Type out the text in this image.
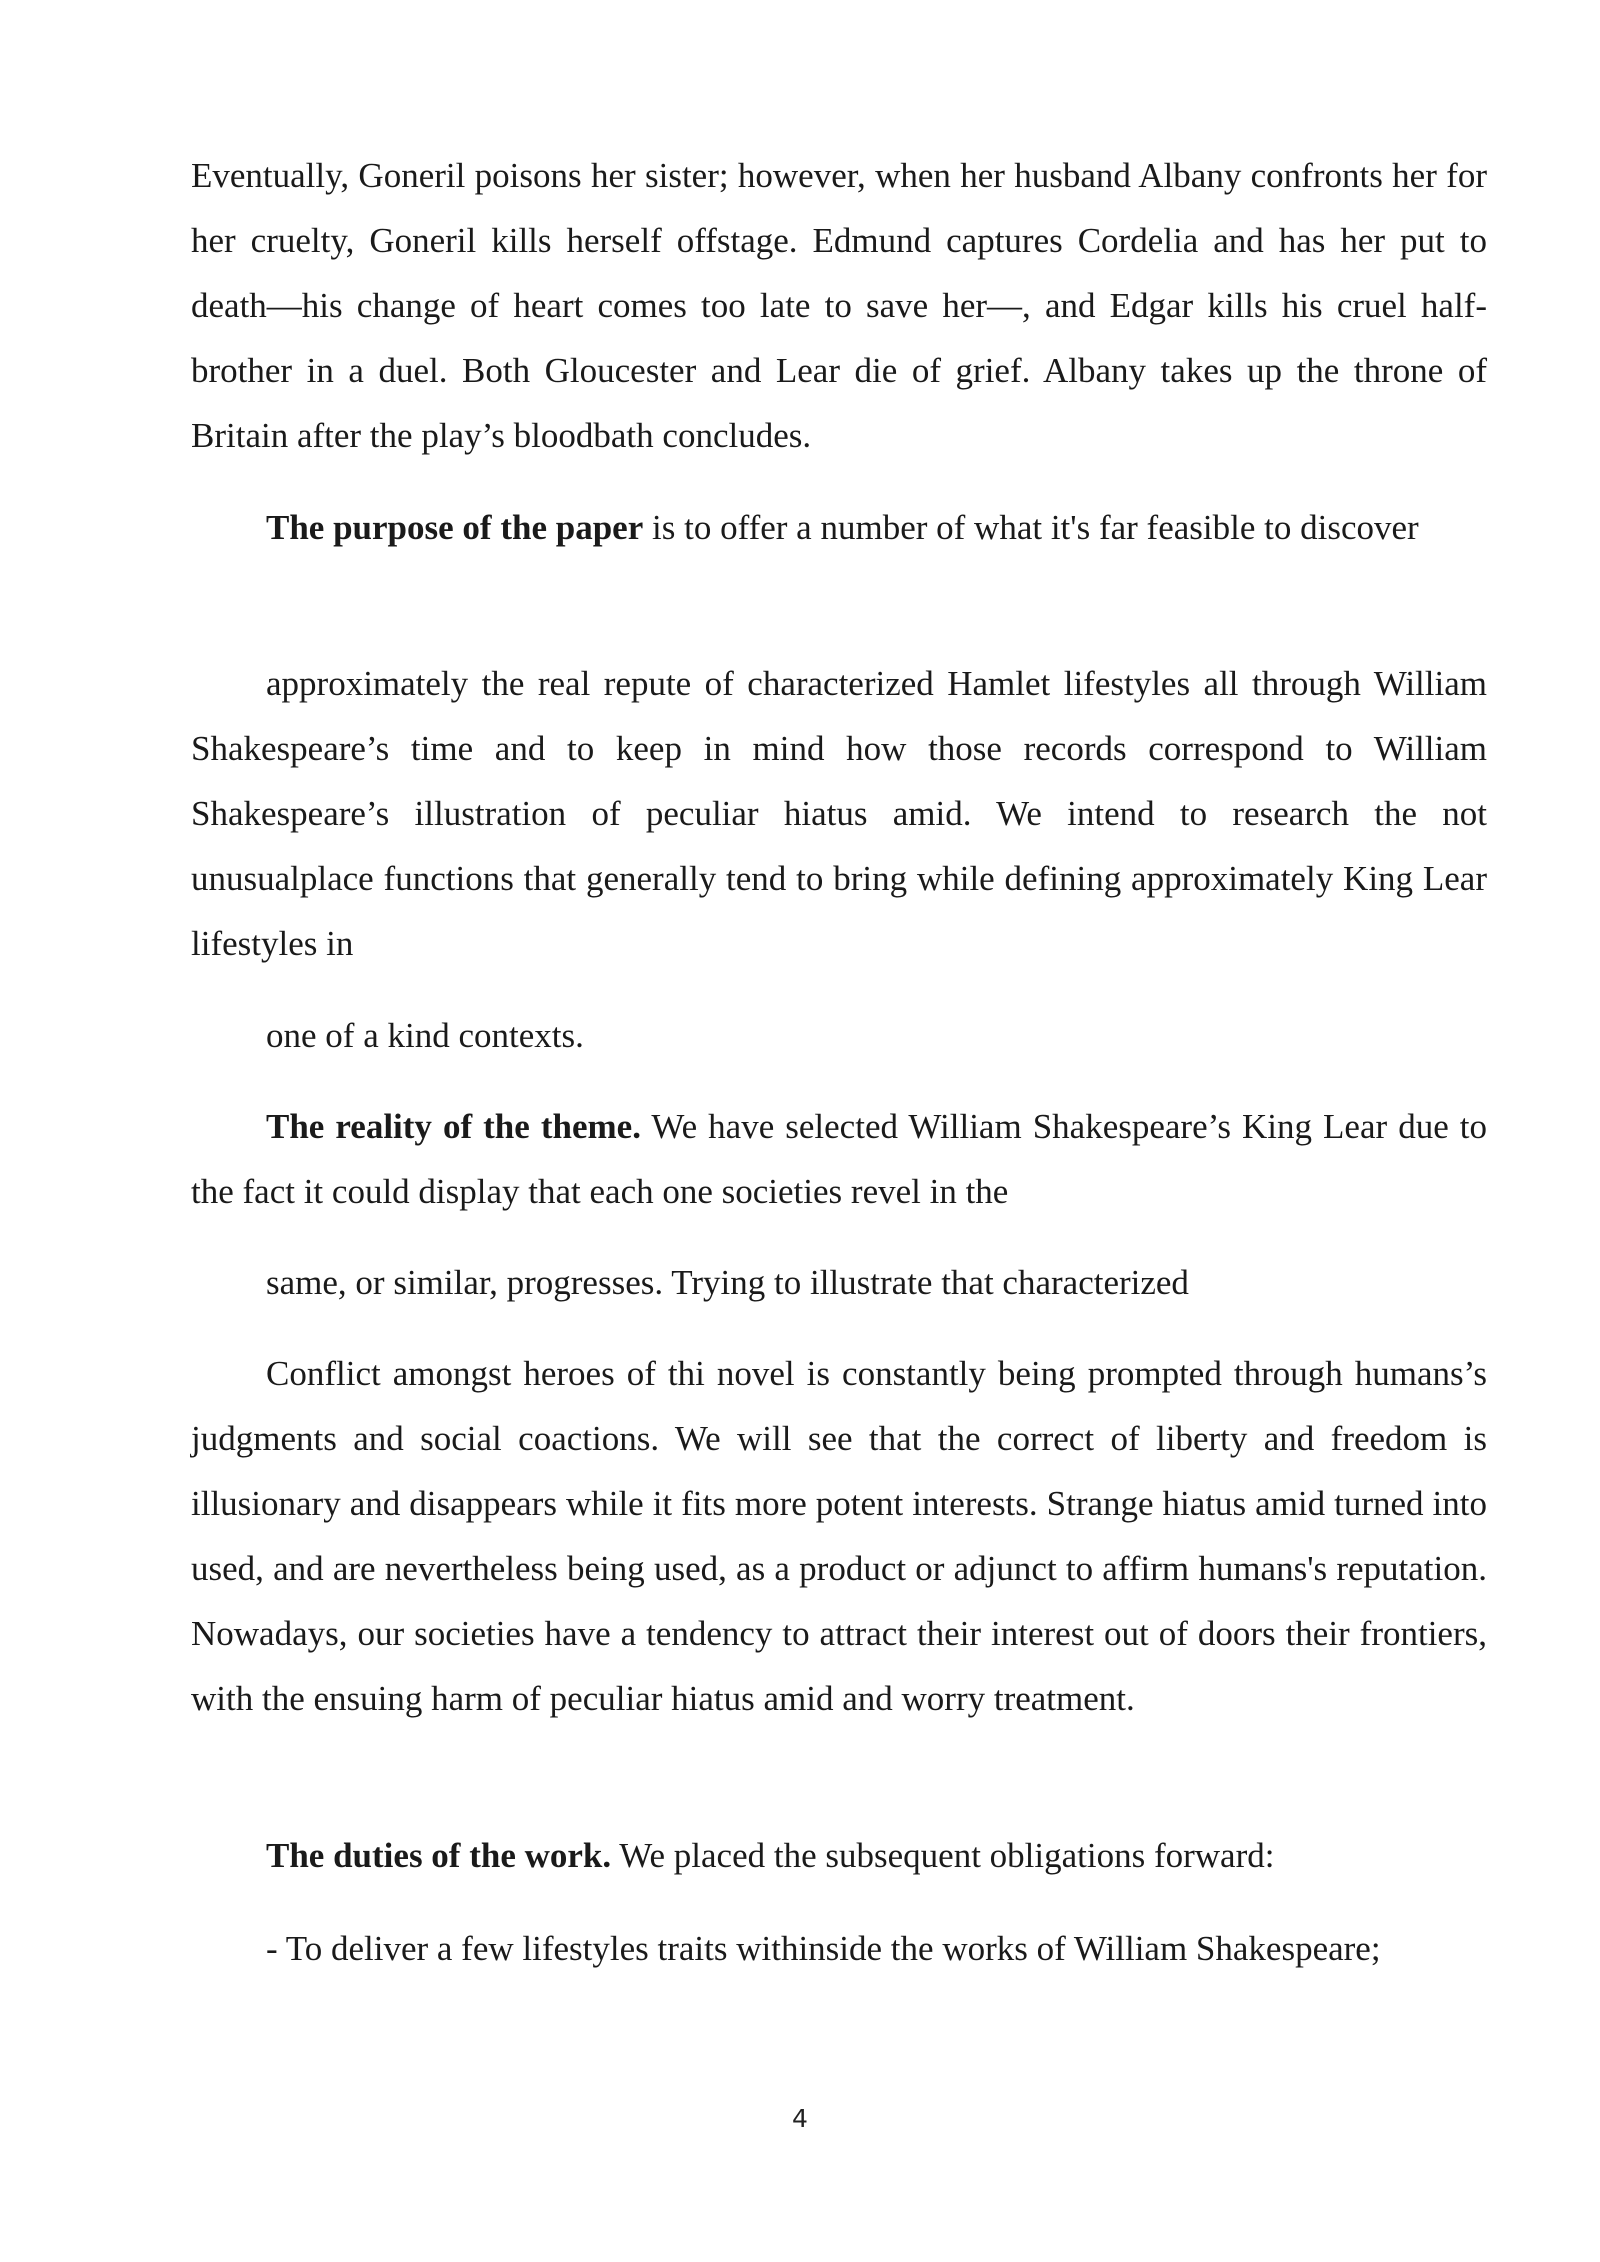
Eventually, Goneril poisons her sister; however, when her husband Albany confronts her for her cruelty, Goneril kills herself offstage. Edmund captures Cordelia and has her put to death—his change of heart comes too late to save her—, and Edgar kills his cruel half-brother in a duel. Both Gloucester and Lear die of grief. Albany takes up the throne of Britain after the play’s bloodbath concludes.

The purpose of the paper is to offer a number of what it's far feasible to discover

approximately the real repute of characterized Hamlet lifestyles all through William Shakespeare’s time and to keep in mind how those records correspond to William Shakespeare’s illustration of peculiar hiatus amid. We intend to research the not unusualplace functions that generally tend to bring while defining approximately King Lear lifestyles in

one of a kind contexts.

The reality of the theme. We have selected William Shakespeare’s King Lear due to the fact it could display that each one societies revel in the

same, or similar, progresses. Trying to illustrate that characterized

Conflict amongst heroes of thi novel is constantly being prompted through humans’s judgments and social coactions. We will see that the correct of liberty and freedom is illusionary and disappears while it fits more potent interests. Strange hiatus amid turned into used, and are nevertheless being used, as a product or adjunct to affirm humans's reputation. Nowadays, our societies have a tendency to attract their interest out of doors their frontiers, with the ensuing harm of peculiar hiatus amid and worry treatment.

The duties of the work. We placed the subsequent obligations forward:

- To deliver a few lifestyles traits withinside the works of William Shakespeare;

4
